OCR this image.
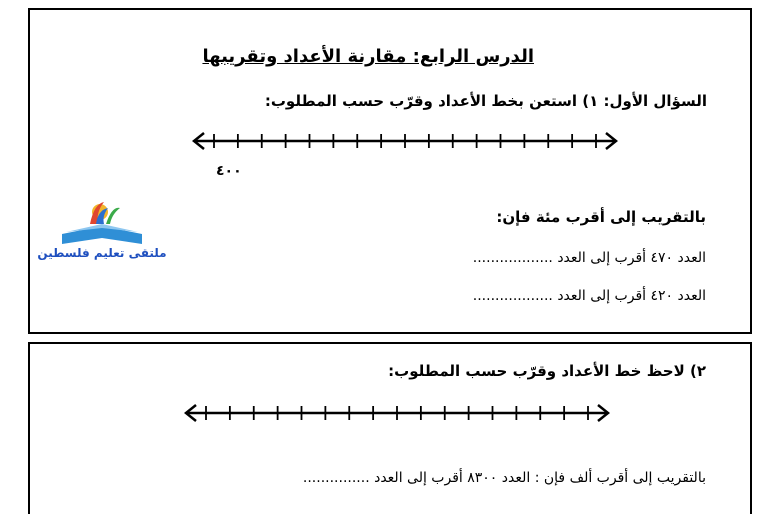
الدرس الرابع: مقارنة الأعداد وتقريبها
السؤال الأول: ١) استعن بخط الأعداد وقرّب حسب المطلوب:
٤٠٠
بالتقريب إلى أقرب مئة فإن:
العدد ٤٧٠ أقرب إلى العدد ..................
العدد ٤٢٠ أقرب إلى العدد ..................
ملتقى تعليم فلسطين
٢) لاحظ خط الأعداد وقرّب حسب المطلوب:
بالتقريب إلى أقرب ألف فإن : العدد ٨٣٠٠ أقرب إلى العدد ...............
